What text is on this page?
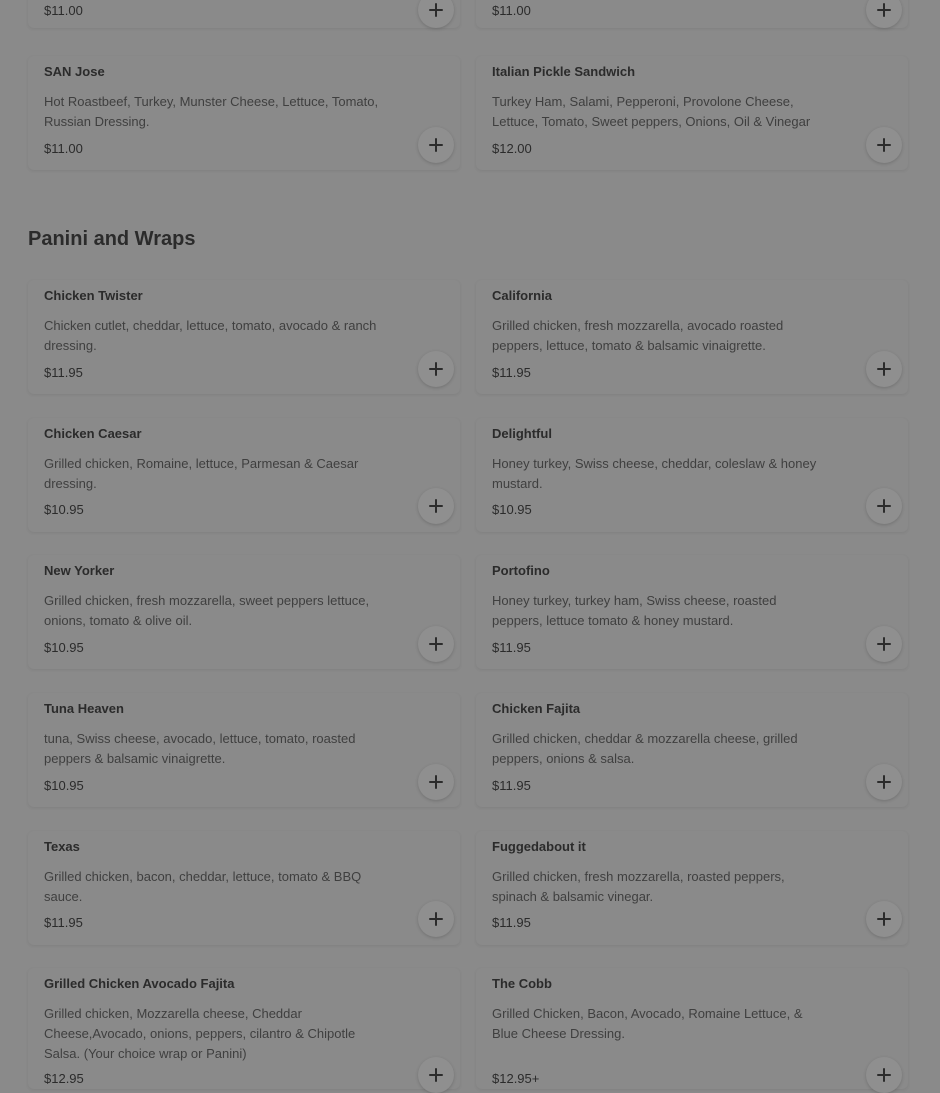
$11.00	$11.00
SAN Jose
Hot Roastbeef, Turkey, Munster Cheese, Lettuce, Tomato, Russian Dressing.
$11.00
Italian Pickle Sandwich
Turkey Ham, Salami, Pepperoni, Provolone Cheese, Lettuce, Tomato, Sweet peppers, Onions, Oil & Vinegar
$12.00
Panini and Wraps
Chicken Twister
Chicken cutlet, cheddar, lettuce, tomato, avocado & ranch dressing.
$11.95
California
Grilled chicken, fresh mozzarella, avocado roasted peppers, lettuce, tomato & balsamic vinaigrette.
$11.95
Chicken Caesar
Grilled chicken, Romaine, lettuce, Parmesan & Caesar dressing.
$10.95
Delightful
Honey turkey, Swiss cheese, cheddar, coleslaw & honey mustard.
$10.95
New Yorker
Grilled chicken, fresh mozzarella, sweet peppers lettuce, onions, tomato & olive oil.
$10.95
Portofino
Honey turkey, turkey ham, Swiss cheese, roasted peppers, lettuce tomato & honey mustard.
$11.95
Tuna Heaven
tuna, Swiss cheese, avocado, lettuce, tomato, roasted peppers & balsamic vinaigrette.
$10.95
Chicken Fajita
Grilled chicken, cheddar & mozzarella cheese, grilled peppers, onions & salsa.
$11.95
Texas
Grilled chicken, bacon, cheddar, lettuce, tomato & BBQ sauce.
$11.95
Fuggedabout it
Grilled chicken, fresh mozzarella, roasted peppers, spinach & balsamic vinegar.
$11.95
Grilled Chicken Avocado Fajita
Grilled chicken, Mozzarella cheese, Cheddar Cheese,Avocado, onions, peppers, cilantro & Chipotle Salsa. (Your choice wrap or Panini)
$12.95
The Cobb
Grilled Chicken, Bacon, Avocado, Romaine Lettuce, & Blue Cheese Dressing.
$12.95+
